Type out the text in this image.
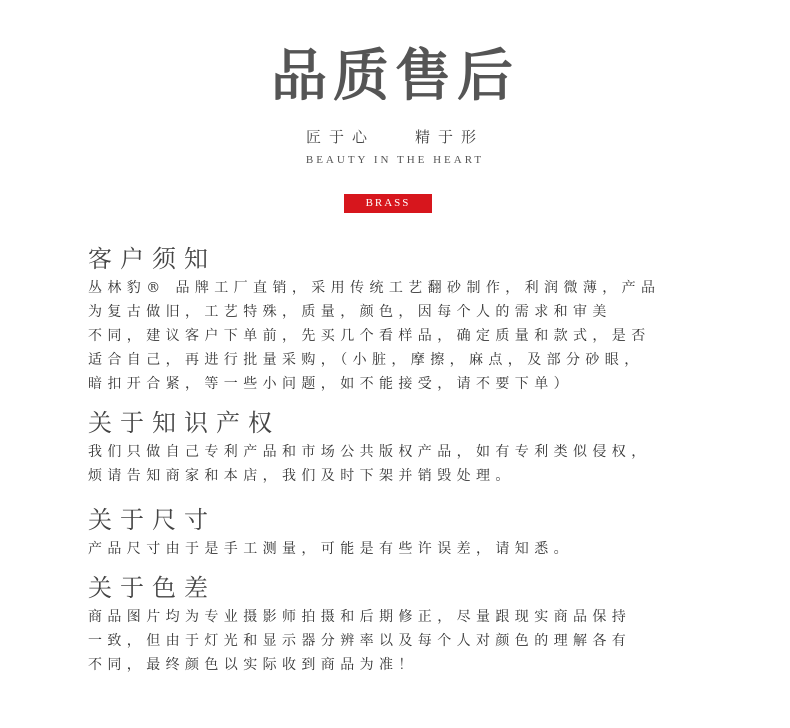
品质售后
匠于心	精于形
BEAUTY IN THE HEART
BRASS
客户须知

丛林豹® 品牌工厂直销，采用传统工艺翻砂制作，利润微薄，产品
为复古做旧，工艺特殊，质量，颜色，因每个人的需求和审美
不同，建议客户下单前，先买几个看样品，确定质量和款式，是否
适合自己，再进行批量采购，（小脏，摩擦，麻点，及部分砂眼，
暗扣开合紧，等一些小问题，如不能接受，请不要下单）

关于知识产权

我们只做自己专利产品和市场公共版权产品，如有专利类似侵权，
烦请告知商家和本店，我们及时下架并销毁处理。

关于尺寸

产品尺寸由于是手工测量，可能是有些许误差，请知悉。

关于色差

商品图片均为专业摄影师拍摄和后期修正，尽量跟现实商品保持
一致，但由于灯光和显示器分辨率以及每个人对颜色的理解各有
不同，最终颜色以实际收到商品为准！
